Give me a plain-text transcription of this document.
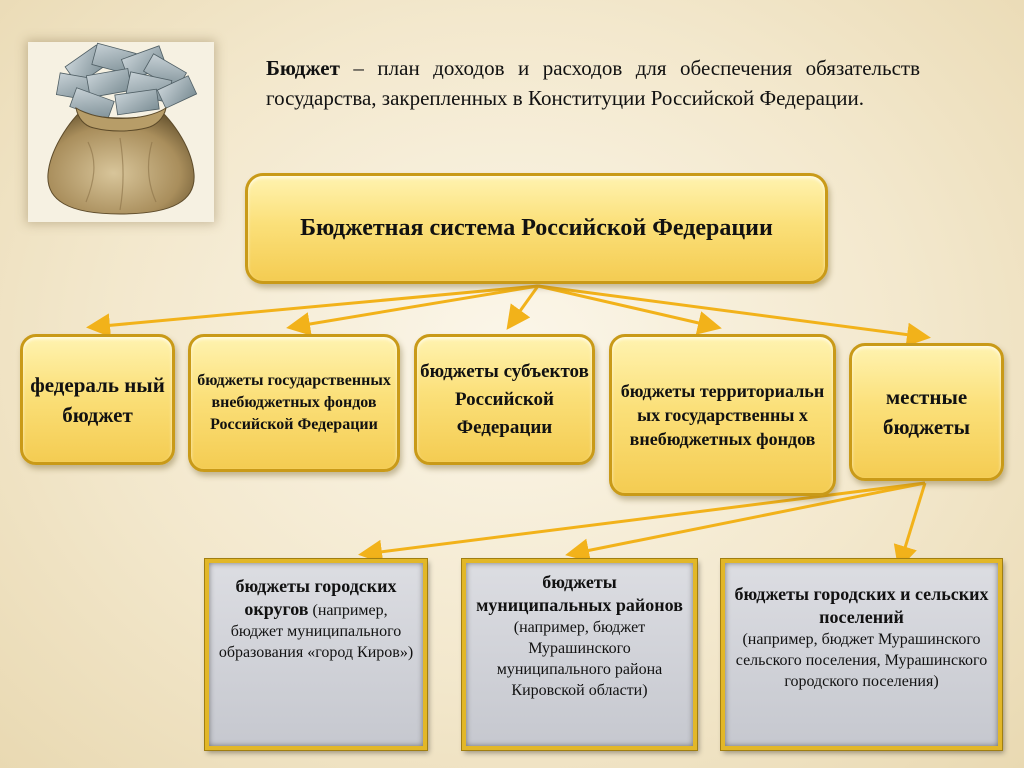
Бюджет – план доходов и расходов для обеспечения обязательств государства, закрепленных в Конституции Российской Федерации.
Бюджетная система Российской Федерации
федераль ный бюджет
бюджеты государственных внебюджетных фондов Российской Федерации
бюджеты субъектов Российской Федерации
бюджеты территориальн ых государственны х внебюджетных фондов
местные бюджеты
бюджеты городских округов (например, бюджет муниципального образования «город Киров»)
бюджеты муниципальных районов (например, бюджет Мурашинского муниципального района Кировской области)
бюджеты городских и сельских поселений
(например, бюджет Мурашинского сельского поселения, Мурашинского городского поселения)
